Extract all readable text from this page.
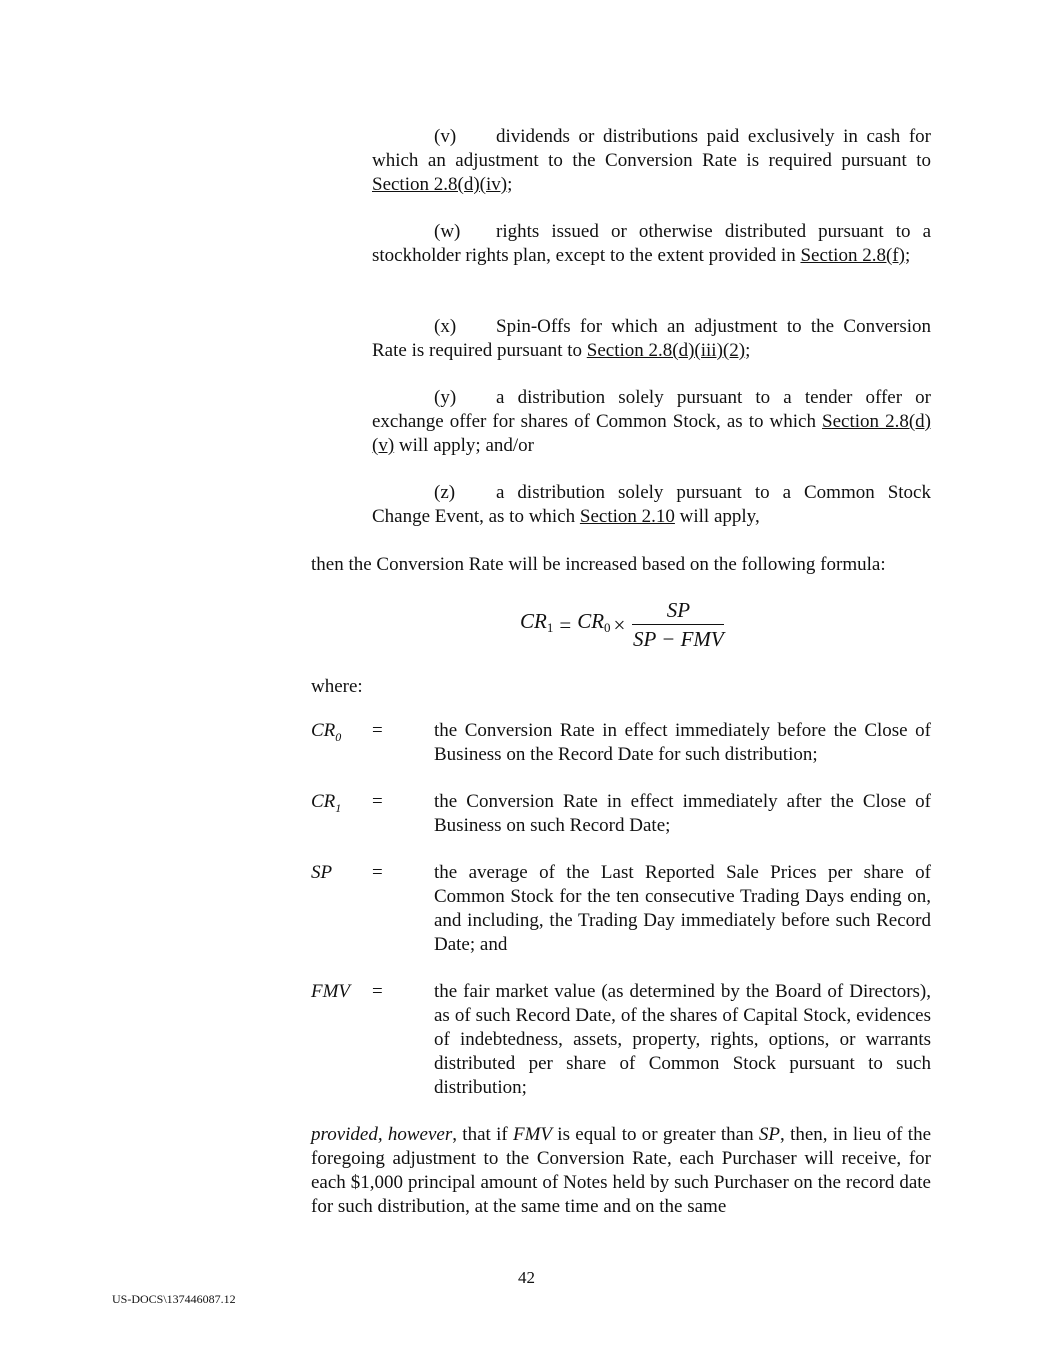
(v) dividends or distributions paid exclusively in cash for which an adjustment to the Conversion Rate is required pursuant to Section 2.8(d)(iv);
(w) rights issued or otherwise distributed pursuant to a stockholder rights plan, except to the extent provided in Section 2.8(f);
(x) Spin-Offs for which an adjustment to the Conversion Rate is required pursuant to Section 2.8(d)(iii)(2);
(y) a distribution solely pursuant to a tender offer or exchange offer for shares of Common Stock, as to which Section 2.8(d)(v) will apply; and/or
(z) a distribution solely pursuant to a Common Stock Change Event, as to which Section 2.10 will apply,
then the Conversion Rate will be increased based on the following formula:
$CR_1 = CR_0 \times \frac{SP}{\text{SP − FMV}}$
where:
$CR_0$ =	the Conversion Rate in effect immediately before the Close of Business on the Record Date for such distribution;
$CR_1$ =	the Conversion Rate in effect immediately after the Close of Business on such Record Date;
SP =	the average of the Last Reported Sale Prices per share of Common Stock for the ten consecutive Trading Days ending on, and including, the Trading Day immediately before such Record Date; and
FMV =	the fair market value (as determined by the Board of Directors), as of such Record Date, of the shares of Capital Stock, evidences of indebtedness, assets, property, rights, options, or warrants distributed per share of Common Stock pursuant to such distribution;
provided, however, that if FMV is equal to or greater than SP, then, in lieu of the foregoing adjustment to the Conversion Rate, each Purchaser will receive, for each $1,000 principal amount of Notes held by such Purchaser on the record date for such distribution, at the same time and on the same
42
US-DOCS\137446087.12
